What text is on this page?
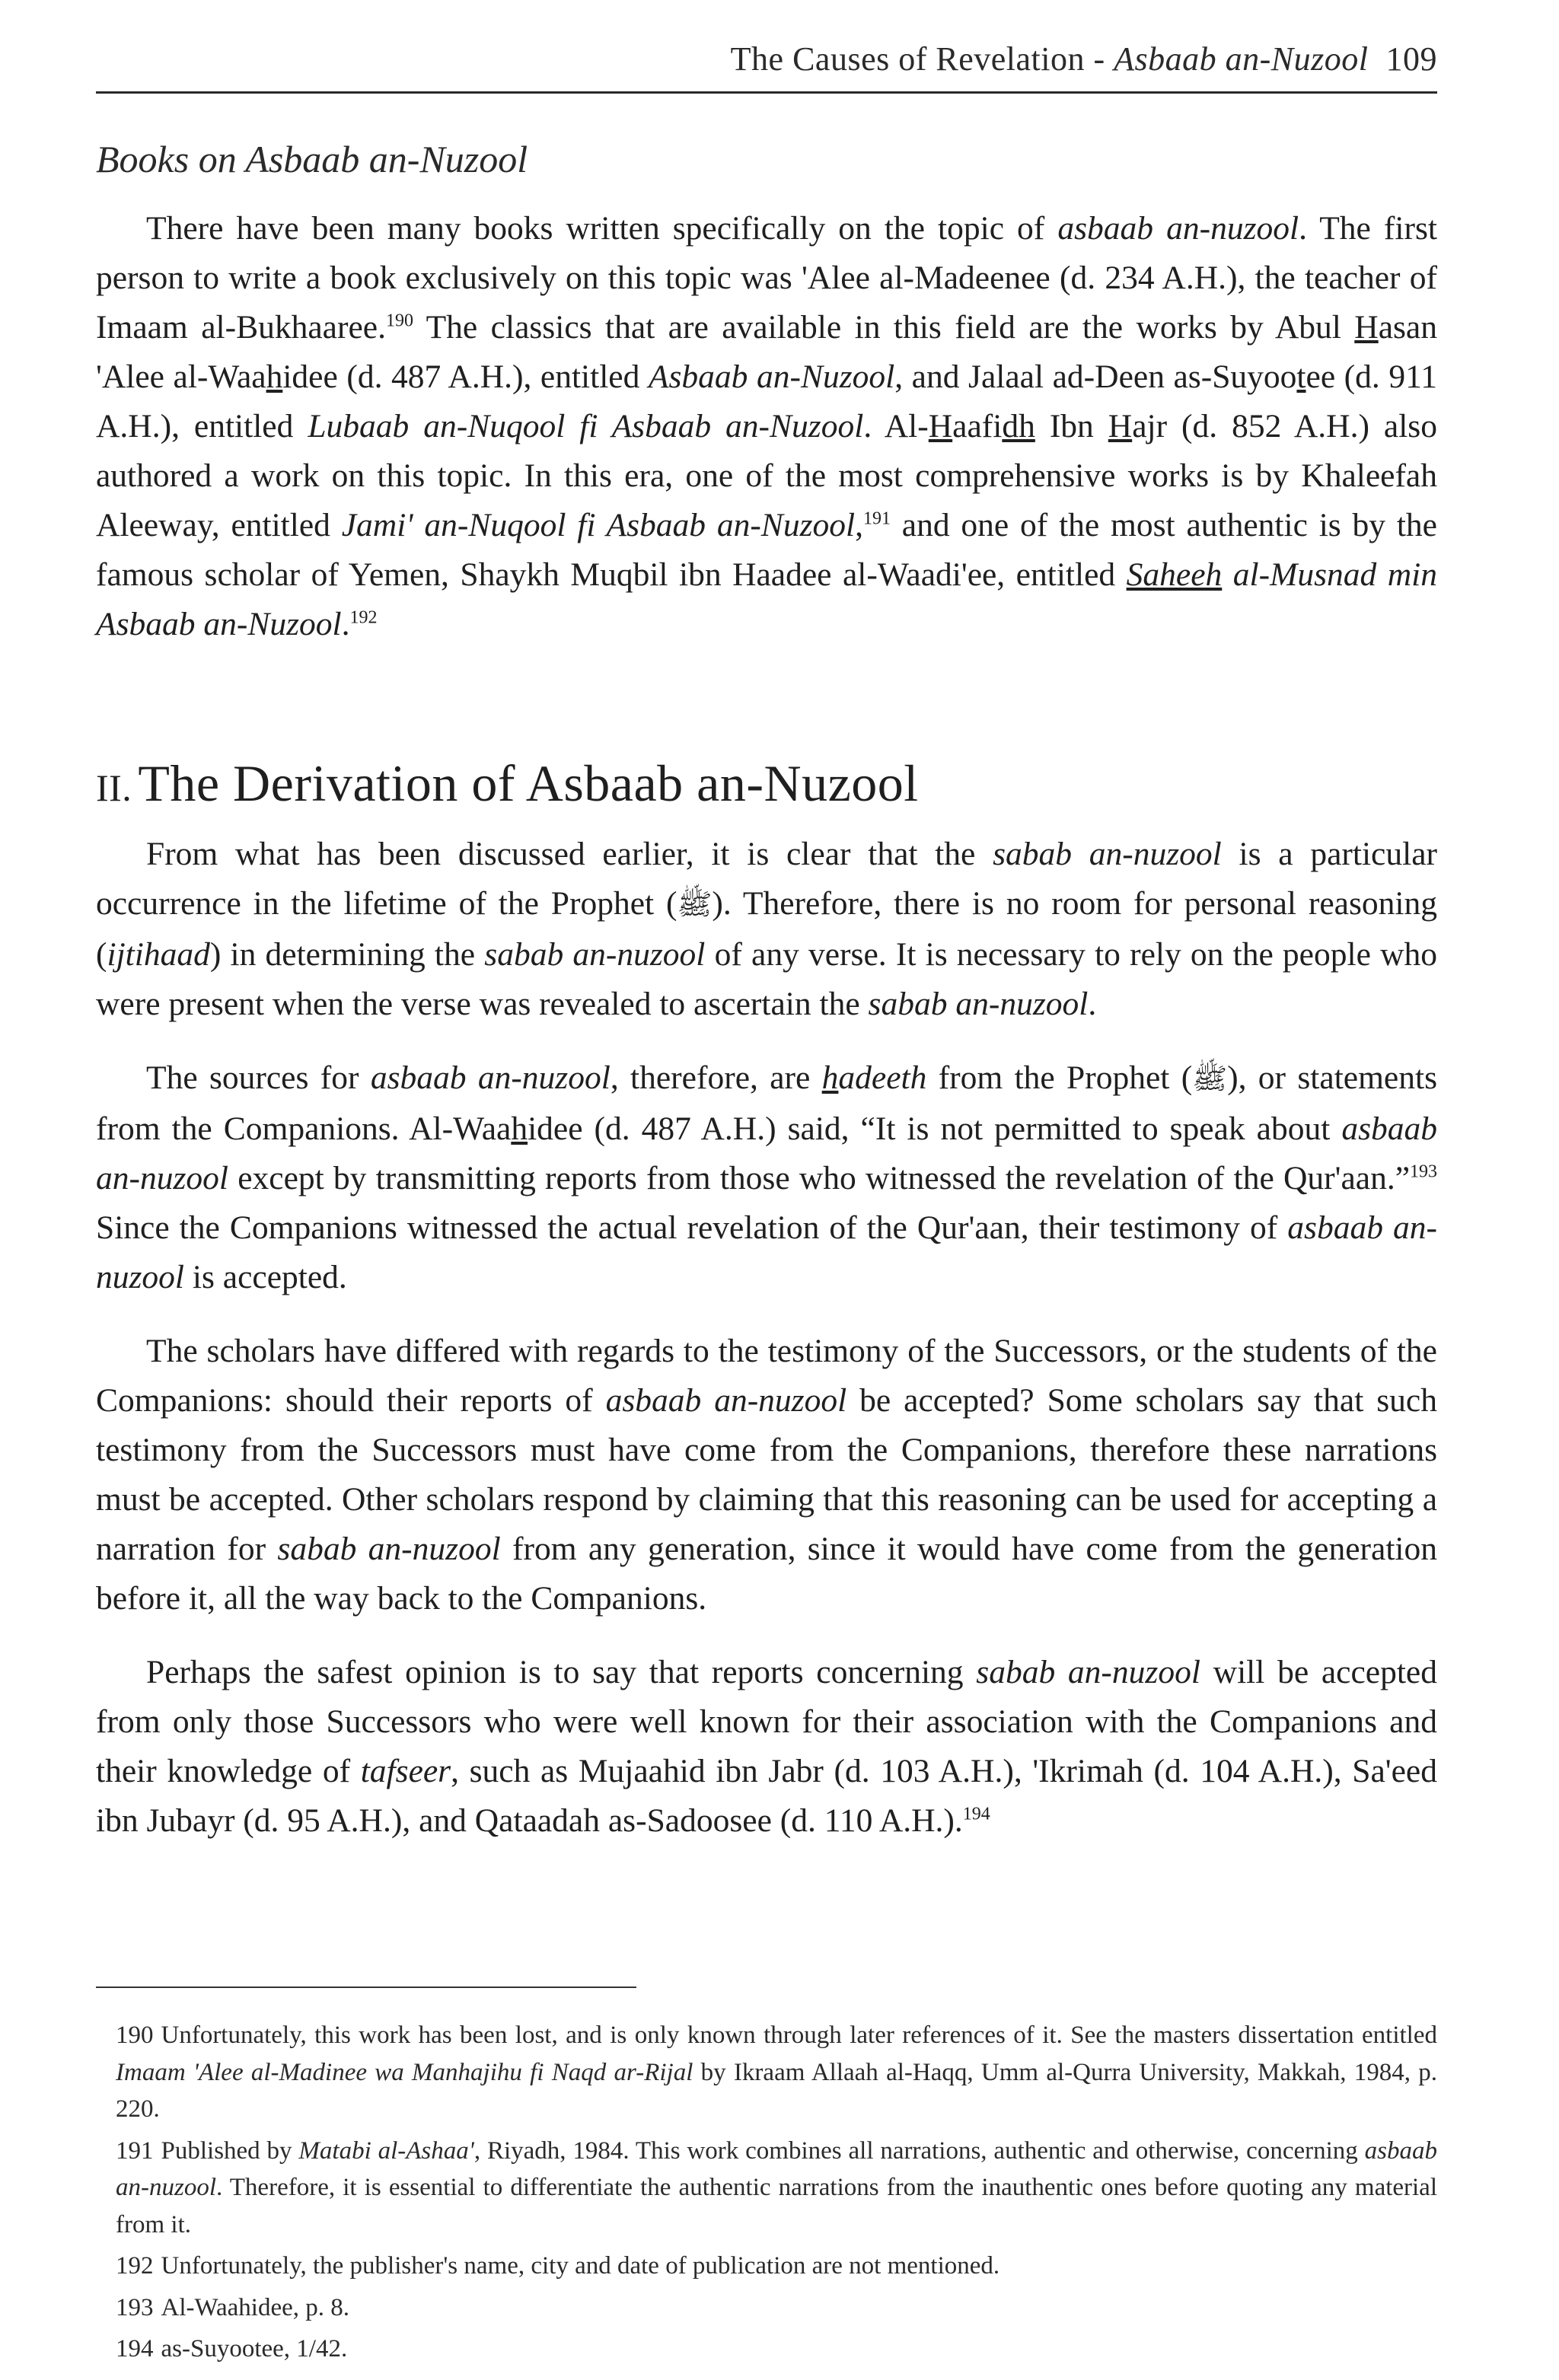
The Causes of Revelation - Asbaab an-Nuzool 109
Books on Asbaab an-Nuzool

There have been many books written specifically on the topic of asbaab an-nuzool. The first person to write a book exclusively on this topic was 'Alee al-Madeenee (d. 234 A.H.), the teacher of Imaam al-Bukhaaree.$^{190}$ The classics that are available in this field are the works by Abul Hasan 'Alee al-Waahidee (d. 487 A.H.), entitled Asbaab an-Nuzool, and Jalaal ad-Deen as-Suyootee (d. 911 A.H.), entitled Lubaab an-Nuqool fi Asbaab an-Nuzool. Al-Haafidh Ibn Hajr (d. 852 A.H.) also authored a work on this topic. In this era, one of the most comprehensive works is by Khaleefah Aleeway, entitled Jami' an-Nuqool fi Asbaab an-Nuzool,$^{191}$ and one of the most authentic is by the famous scholar of Yemen, Shaykh Muqbil ibn Haadee al-Waadi'ee, entitled Saheeh al-Musnad min Asbaab an-Nuzool.$^{192}$

II. The Derivation of Asbaab an-Nuzool

From what has been discussed earlier, it is clear that the sabab an-nuzool is a particular occurrence in the lifetime of the Prophet (ﷺ). Therefore, there is no room for personal reasoning (ijtihaad) in determining the sabab an-nuzool of any verse. It is necessary to rely on the people who were present when the verse was revealed to ascertain the sabab an-nuzool.

The sources for asbaab an-nuzool, therefore, are hadeeth from the Prophet (ﷺ), or statements from the Companions. Al-Waahidee (d. 487 A.H.) said, “It is not permitted to speak about asbaab an-nuzool except by transmitting reports from those who witnessed the revelation of the Qur'aan.”$^{193}$ Since the Companions witnessed the actual revelation of the Qur'aan, their testimony of asbaab an-nuzool is accepted.

The scholars have differed with regards to the testimony of the Successors, or the students of the Companions: should their reports of asbaab an-nuzool be accepted? Some scholars say that such testimony from the Successors must have come from the Companions, therefore these narrations must be accepted. Other scholars respond by claiming that this reasoning can be used for accepting a narration for sabab an-nuzool from any generation, since it would have come from the generation before it, all the way back to the Companions.

Perhaps the safest opinion is to say that reports concerning sabab an-nuzool will be accepted from only those Successors who were well known for their association with the Companions and their knowledge of tafseer, such as Mujaahid ibn Jabr (d. 103 A.H.), 'Ikrimah (d. 104 A.H.), Sa'eed ibn Jubayr (d. 95 A.H.), and Qataadah as-Sadoosee (d. 110 A.H.).$^{194}$

190 Unfortunately, this work has been lost, and is only known through later references of it. See the masters dissertation entitled Imaam 'Alee al-Madinee wa Manhajihu fi Naqd ar-Rijal by Ikraam Allaah al-Haqq, Umm al-Qurra University, Makkah, 1984, p. 220.

191 Published by Matabi al-Ashaa', Riyadh, 1984. This work combines all narrations, authentic and otherwise, concerning asbaab an-nuzool. Therefore, it is essential to differentiate the authentic narrations from the inauthentic ones before quoting any material from it.

192 Unfortunately, the publisher's name, city and date of publication are not mentioned.

193 Al-Waahidee, p. 8.

194 as-Suyootee, 1/42.
